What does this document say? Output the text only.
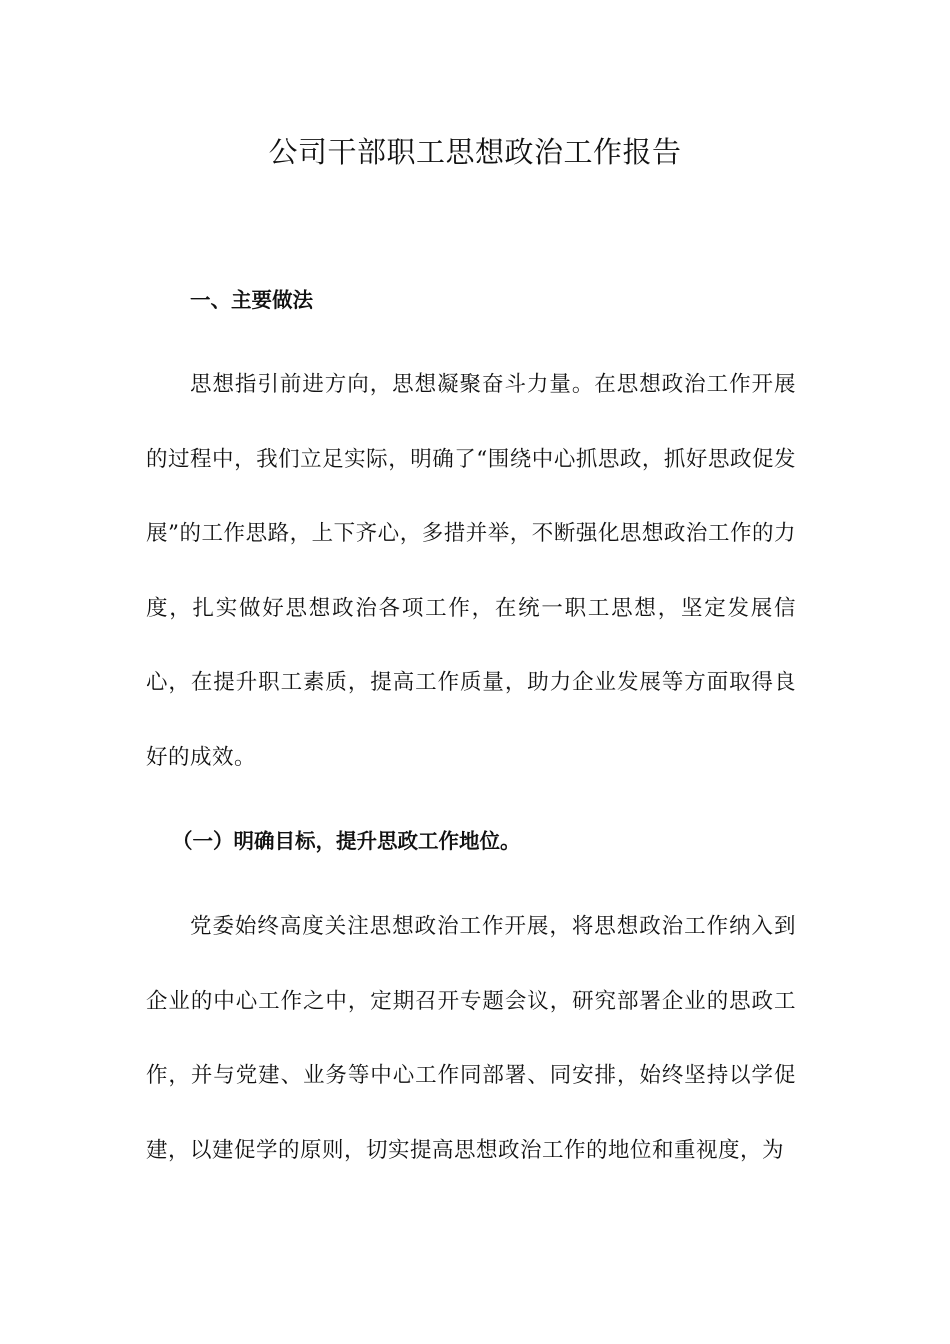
公司干部职工思想政治工作报告
一、主要做法

思想指引前进方向，思想凝聚奋斗力量。在思想政治工作开展的过程中，我们立足实际，明确了“围绕中心抓思政，抓好思政促发展”的工作思路，上下齐心，多措并举，不断强化思想政治工作的力度，扎实做好思想政治各项工作，在统一职工思想，坚定发展信心，在提升职工素质，提高工作质量，助力企业发展等方面取得良好的成效。

（一）明确目标，提升思政工作地位。

党委始终高度关注思想政治工作开展，将思想政治工作纳入到企业的中心工作之中，定期召开专题会议，研究部署企业的思政工作，并与党建、业务等中心工作同部署、同安排，始终坚持以学促建，以建促学的原则，切实提高思想政治工作的地位和重视度，为
